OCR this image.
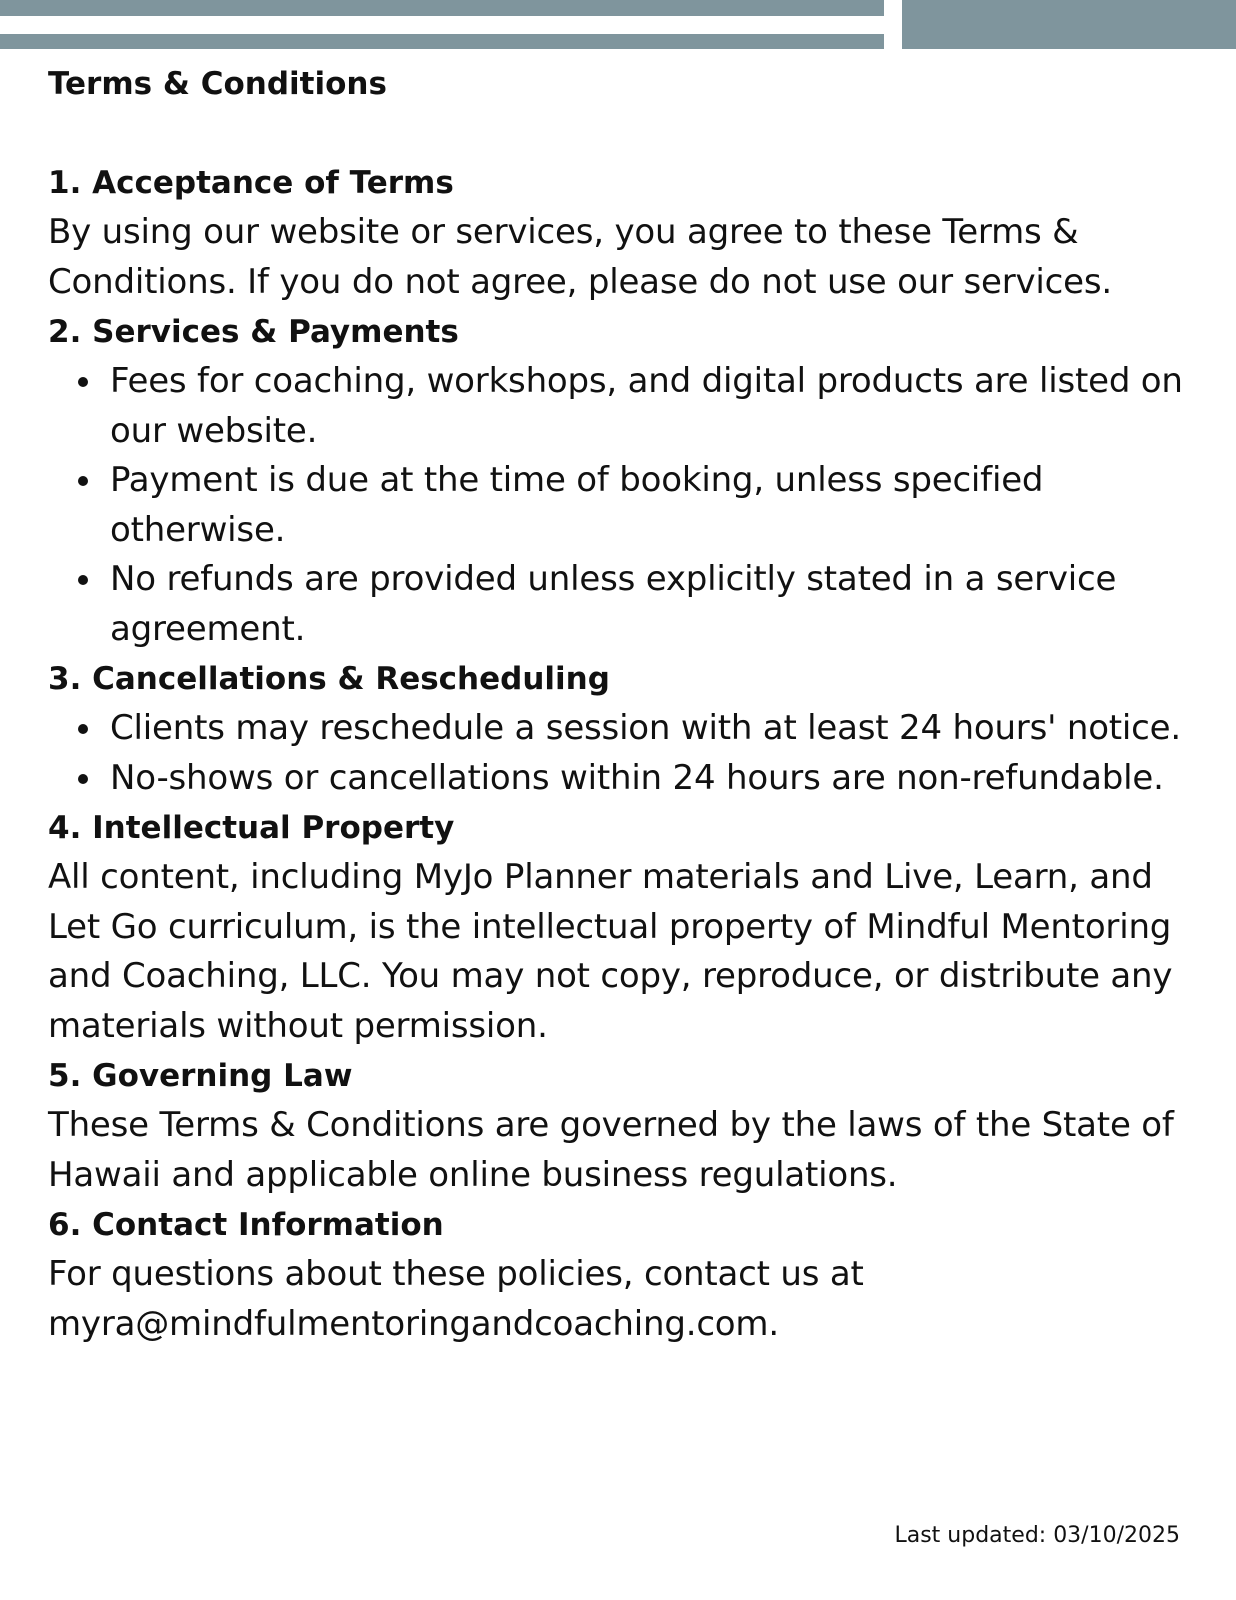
Terms & Conditions
1. Acceptance of Terms

By using our website or services, you agree to these Terms & Conditions. If you do not agree, please do not use our services.

2. Services & Payments
Fees for coaching, workshops, and digital products are listed on our website.
Payment is due at the time of booking, unless specified otherwise.
No refunds are provided unless explicitly stated in a service agreement.
3. Cancellations & Rescheduling
Clients may reschedule a session with at least 24 hours' notice.
No-shows or cancellations within 24 hours are non-refundable.
4. Intellectual Property

All content, including MyJo Planner materials and Live, Learn, and Let Go curriculum, is the intellectual property of Mindful Mentoring and Coaching, LLC. You may not copy, reproduce, or distribute any materials without permission.

5. Governing Law

These Terms & Conditions are governed by the laws of the State of Hawaii and applicable online business regulations.

6. Contact Information

For questions about these policies, contact us at myra@mindfulmentoringandcoaching.com.

Last updated: 03/10/2025
